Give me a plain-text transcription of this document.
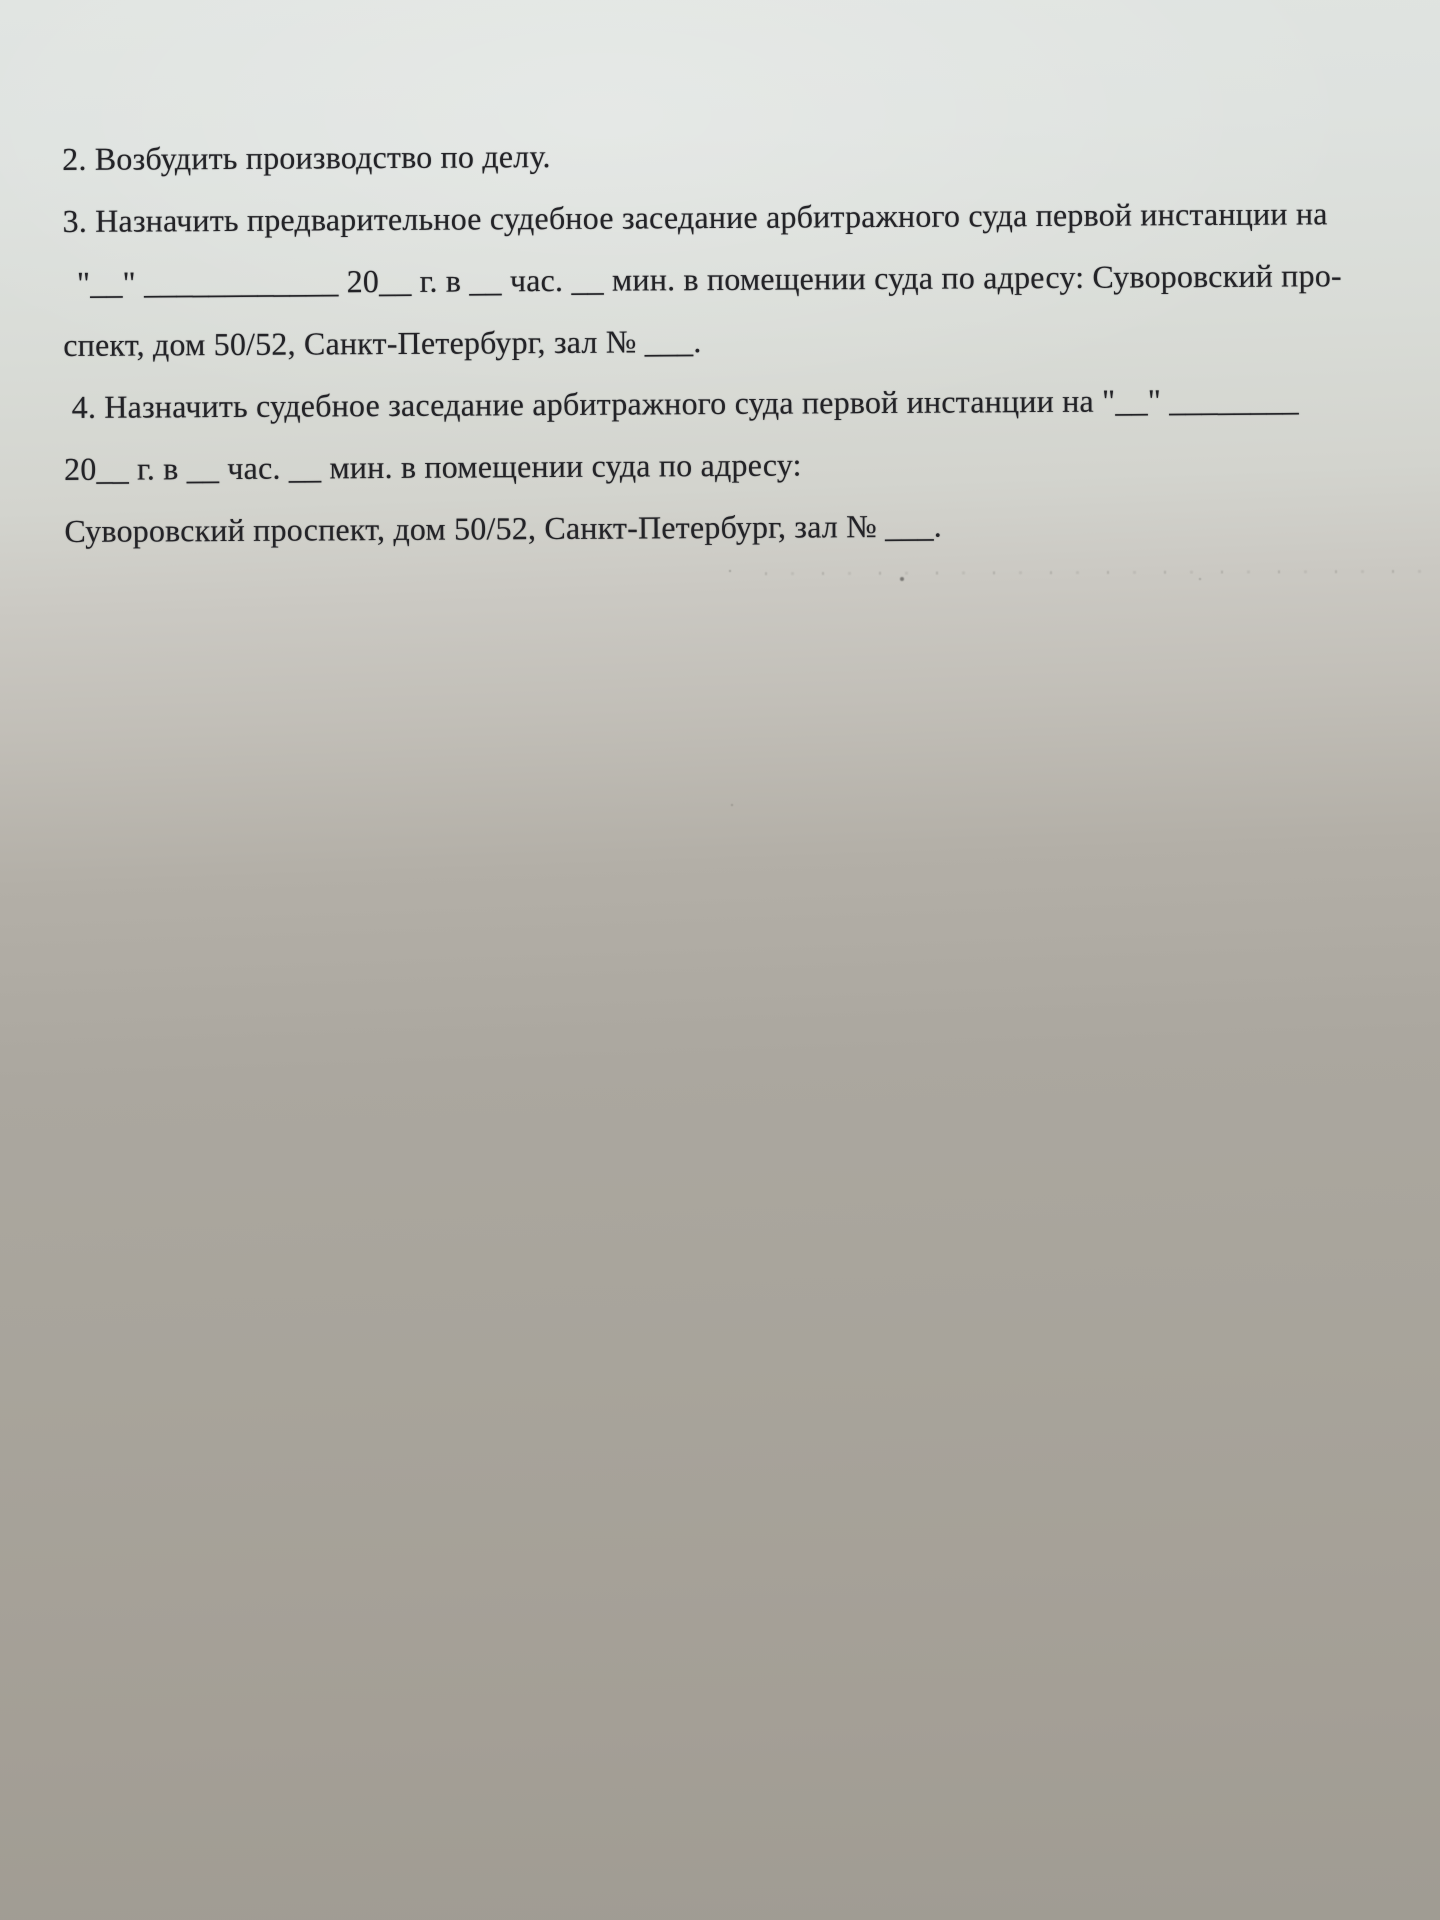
2. Возбудить производство по делу.

3. Назначить предварительное судебное заседание арбитражного суда первой инстанции на

"__" ____________ 20__ г. в __ час. __ мин. в помещении суда по адресу: Суворовский про-

спект, дом 50/52, Санкт-Петербург, зал № ___.

4. Назначить судебное заседание арбитражного суда первой инстанции на "__" ________

20__ г. в __ час. __ мин. в помещении суда по адресу:

Суворовский проспект, дом 50/52, Санкт-Петербург, зал № ___.
